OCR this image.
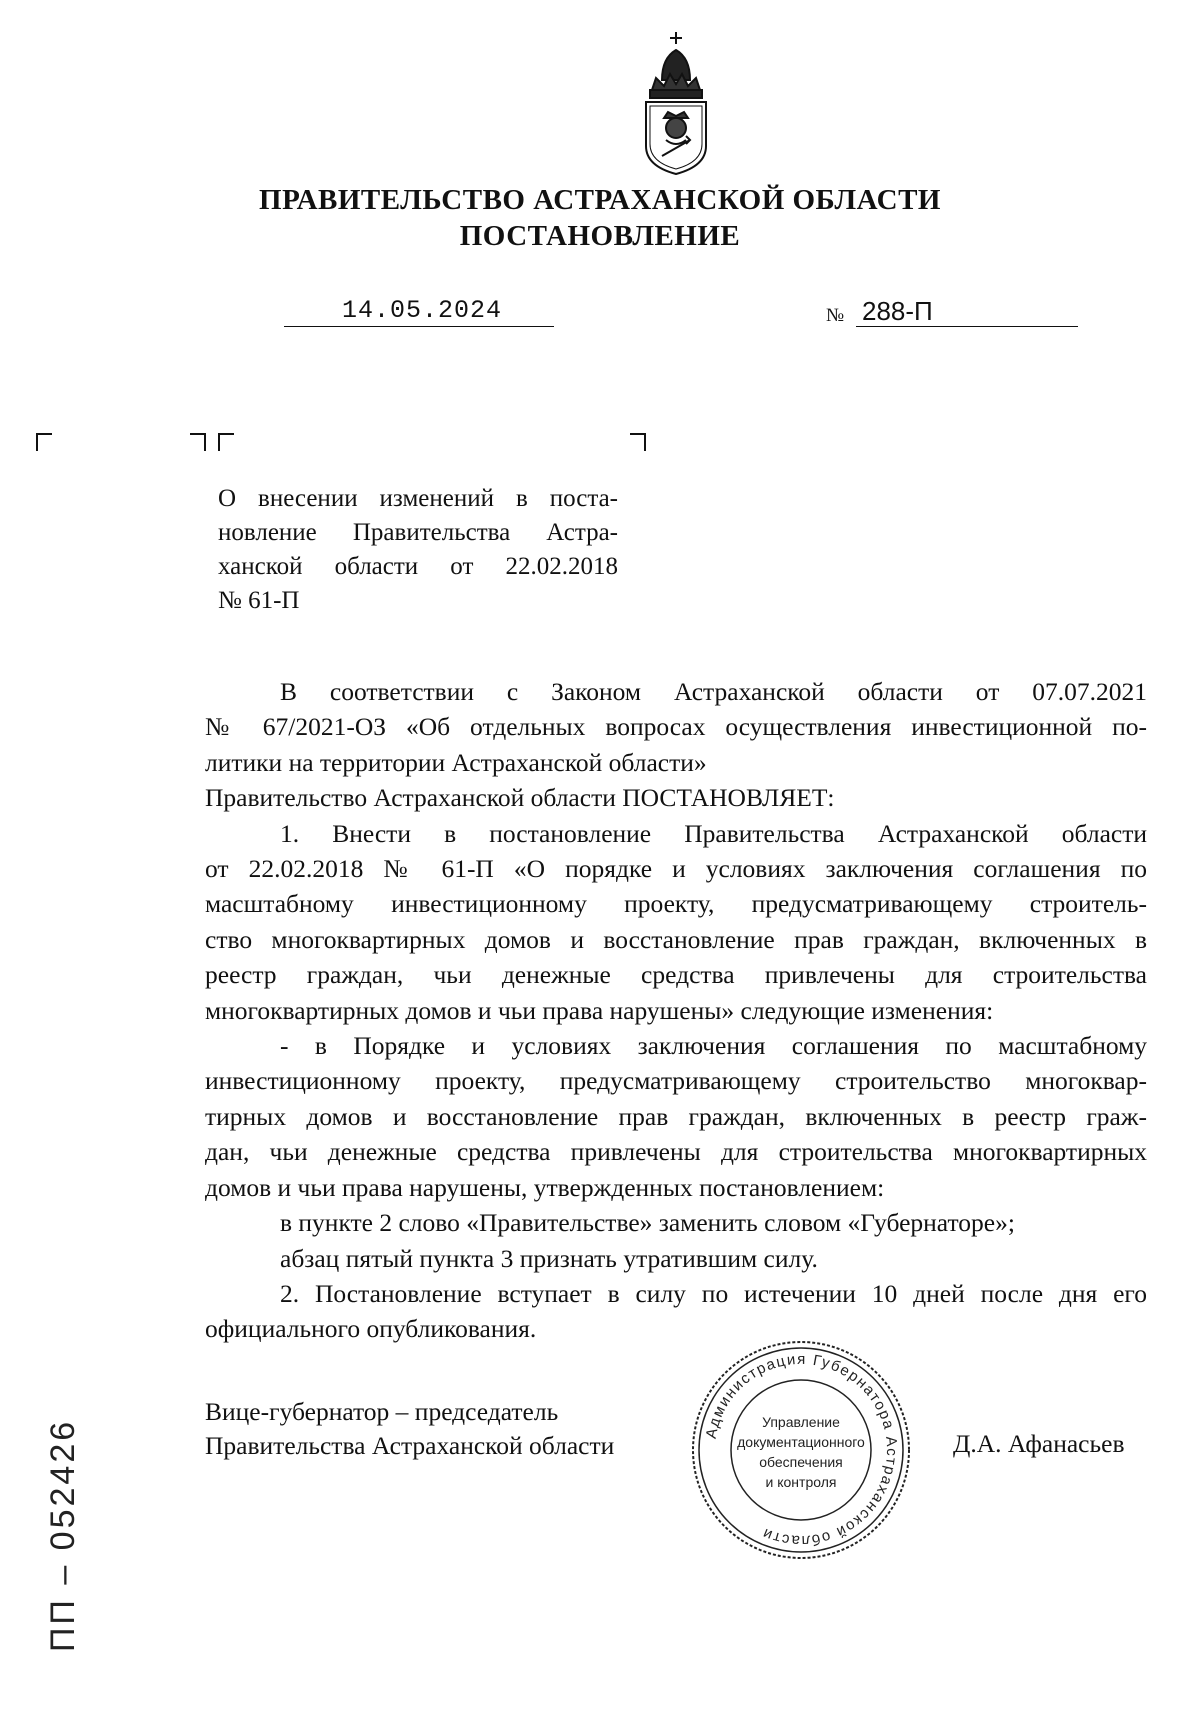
ПРАВИТЕЛЬСТВО АСТРАХАНСКОЙ ОБЛАСТИ
ПОСТАНОВЛЕНИЕ
14.05.2024	№ 288-П
О внесении изменений в поста-
новление Правительства Астра-
ханской области от 22.02.2018
№ 61-П
В соответствии с Законом Астраханской области от 07.07.2021
№ 67/2021-ОЗ «Об отдельных вопросах осуществления инвестиционной по-
литики на территории Астраханской области»
Правительство Астраханской области ПОСТАНОВЛЯЕТ:
1. Внести в постановление Правительства Астраханской области
от 22.02.2018 № 61-П «О порядке и условиях заключения соглашения по
масштабному инвестиционному проекту, предусматривающему строитель-
ство многоквартирных домов и восстановление прав граждан, включенных в
реестр граждан, чьи денежные средства привлечены для строительства
многоквартирных домов и чьи права нарушены» следующие изменения:
- в Порядке и условиях заключения соглашения по масштабному
инвестиционному проекту, предусматривающему строительство многоквар-
тирных домов и восстановление прав граждан, включенных в реестр граж-
дан, чьи денежные средства привлечены для строительства многоквартирных
домов и чьи права нарушены, утвержденных постановлением:
в пункте 2 слово «Правительстве» заменить словом «Губернаторе»;
абзац пятый пункта 3 признать утратившим силу.
2. Постановление вступает в силу по истечении 10 дней после дня его
официального опубликования.
Вице-губернатор – председатель
Правительства Астраханской области	Д.А. Афанасьев
Администрация Губернатора Астраханской области
Управление
документационного
обеспечения
и контроля
ПП – 052426
